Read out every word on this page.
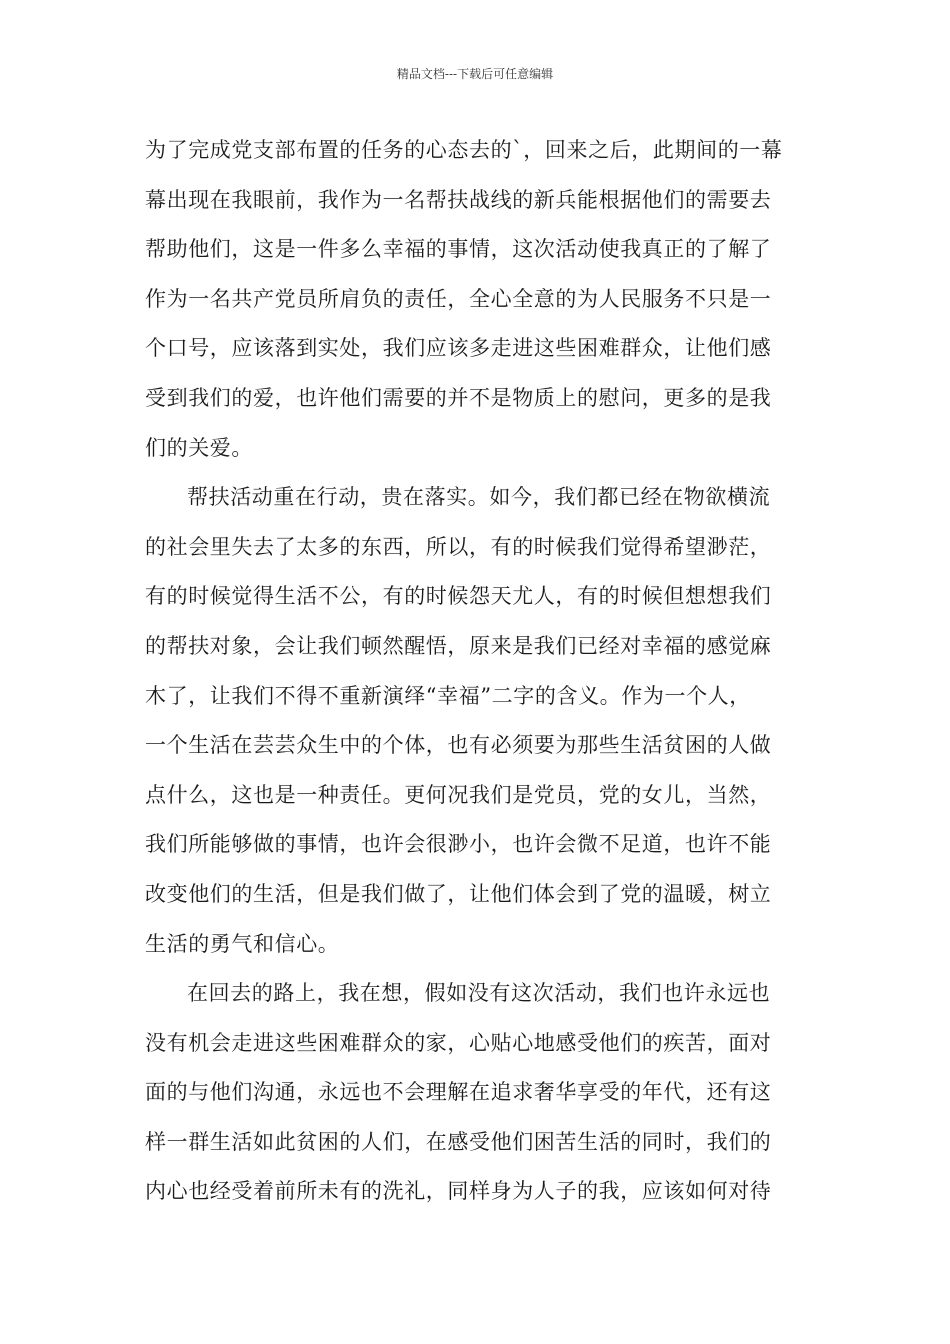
精品文档---下载后可任意编辑
为了完成党支部布置的任务的心态去的`，回来之后，此期间的一幕
幕出现在我眼前，我作为一名帮扶战线的新兵能根据他们的需要去
帮助他们，这是一件多么幸福的事情，这次活动使我真正的了解了
作为一名共产党员所肩负的责任，全心全意的为人民服务不只是一
个口号，应该落到实处，我们应该多走进这些困难群众，让他们感
受到我们的爱，也许他们需要的并不是物质上的慰问，更多的是我
们的关爱。
帮扶活动重在行动，贵在落实。如今，我们都已经在物欲横流
的社会里失去了太多的东西，所以，有的时候我们觉得希望渺茫，
有的时候觉得生活不公，有的时候怨天尤人，有的时候但想想我们
的帮扶对象，会让我们顿然醒悟，原来是我们已经对幸福的感觉麻
木了，让我们不得不重新演绎“幸福”二字的含义。作为一个人，
一个生活在芸芸众生中的个体，也有必须要为那些生活贫困的人做
点什么，这也是一种责任。更何况我们是党员，党的女儿，当然，
我们所能够做的事情，也许会很渺小，也许会微不足道，也许不能
改变他们的生活，但是我们做了，让他们体会到了党的温暖，树立
生活的勇气和信心。
在回去的路上，我在想，假如没有这次活动，我们也许永远也
没有机会走进这些困难群众的家，心贴心地感受他们的疾苦，面对
面的与他们沟通，永远也不会理解在追求奢华享受的年代，还有这
样一群生活如此贫困的人们，在感受他们困苦生活的同时，我们的
内心也经受着前所未有的洗礼，同样身为人子的我，应该如何对待
